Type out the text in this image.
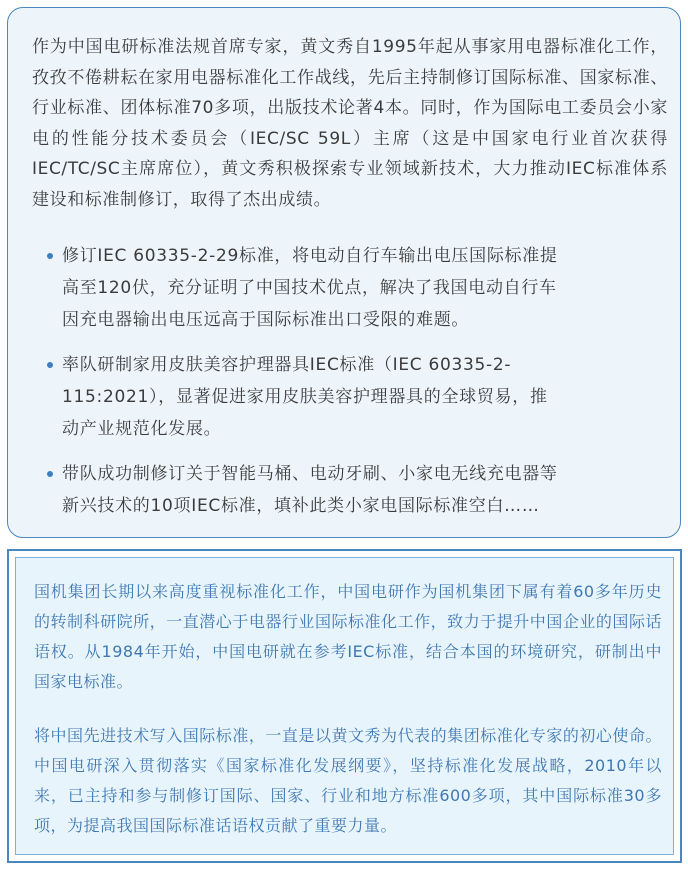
作为中国电研标准法规首席专家，黄文秀自1995年起从事家用电器标准化工作，孜孜不倦耕耘在家用电器标准化工作战线，先后主持制修订国际标准、国家标准、行业标准、团体标准70多项，出版技术论著4本。同时，作为国际电工委员会小家电的性能分技术委员会（IEC/SC 59L）主席（这是中国家电行业首次获得IEC/TC/SC主席席位），黄文秀积极探索专业领域新技术，大力推动IEC标准体系建设和标准制修订，取得了杰出成绩。

修订IEC 60335-2-29标准，将电动自行车输出电压国际标准提高至120伏，充分证明了中国技术优点，解决了我国电动自行车因充电器输出电压远高于国际标准出口受限的难题。
率队研制家用皮肤美容护理器具IEC标准（IEC 60335-2-115:2021），显著促进家用皮肤美容护理器具的全球贸易，推动产业规范化发展。
带队成功制修订关于智能马桶、电动牙刷、小家电无线充电器等新兴技术的10项IEC标准，填补此类小家电国际标准空白……

国机集团长期以来高度重视标准化工作，中国电研作为国机集团下属有着60多年历史的转制科研院所，一直潜心于电器行业国际标准化工作，致力于提升中国企业的国际话语权。从1984年开始，中国电研就在参考IEC标准，结合本国的环境研究，研制出中国家电标准。

将中国先进技术写入国际标准，一直是以黄文秀为代表的集团标准化专家的初心使命。中国电研深入贯彻落实《国家标准化发展纲要》，坚持标准化发展战略，2010年以来，已主持和参与制修订国际、国家、行业和地方标准600多项，其中国际标准30多项，为提高我国国际标准话语权贡献了重要力量。
